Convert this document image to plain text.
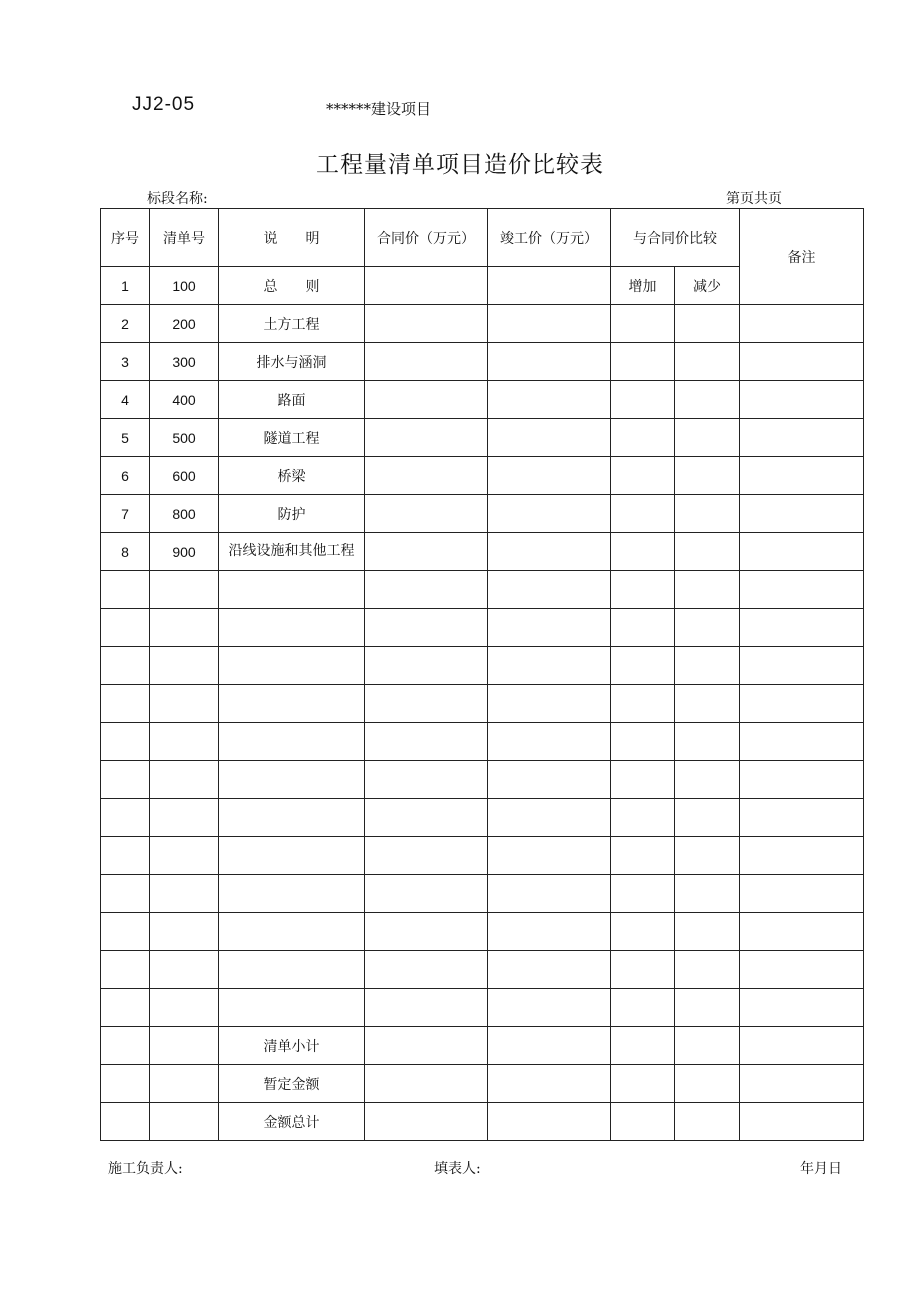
JJ2-05	******建设项目
工程量清单项目造价比较表
标段名称:	第页共页
序号	清单号	说　　明	合同价（万元）	竣工价（万元）	与合同价比较		备注
1	100	总　　则			增加	减少	
2	200	土方工程					
3	300	排水与涵洞					
4	400	路面					
5	500	隧道工程					
6	600	桥梁					
7	800	防护					
8	900	沿线设施和其他工程					

		清单小计					
		暂定金额					
		金额总计					
施工负责人:	填表人:	年月日
